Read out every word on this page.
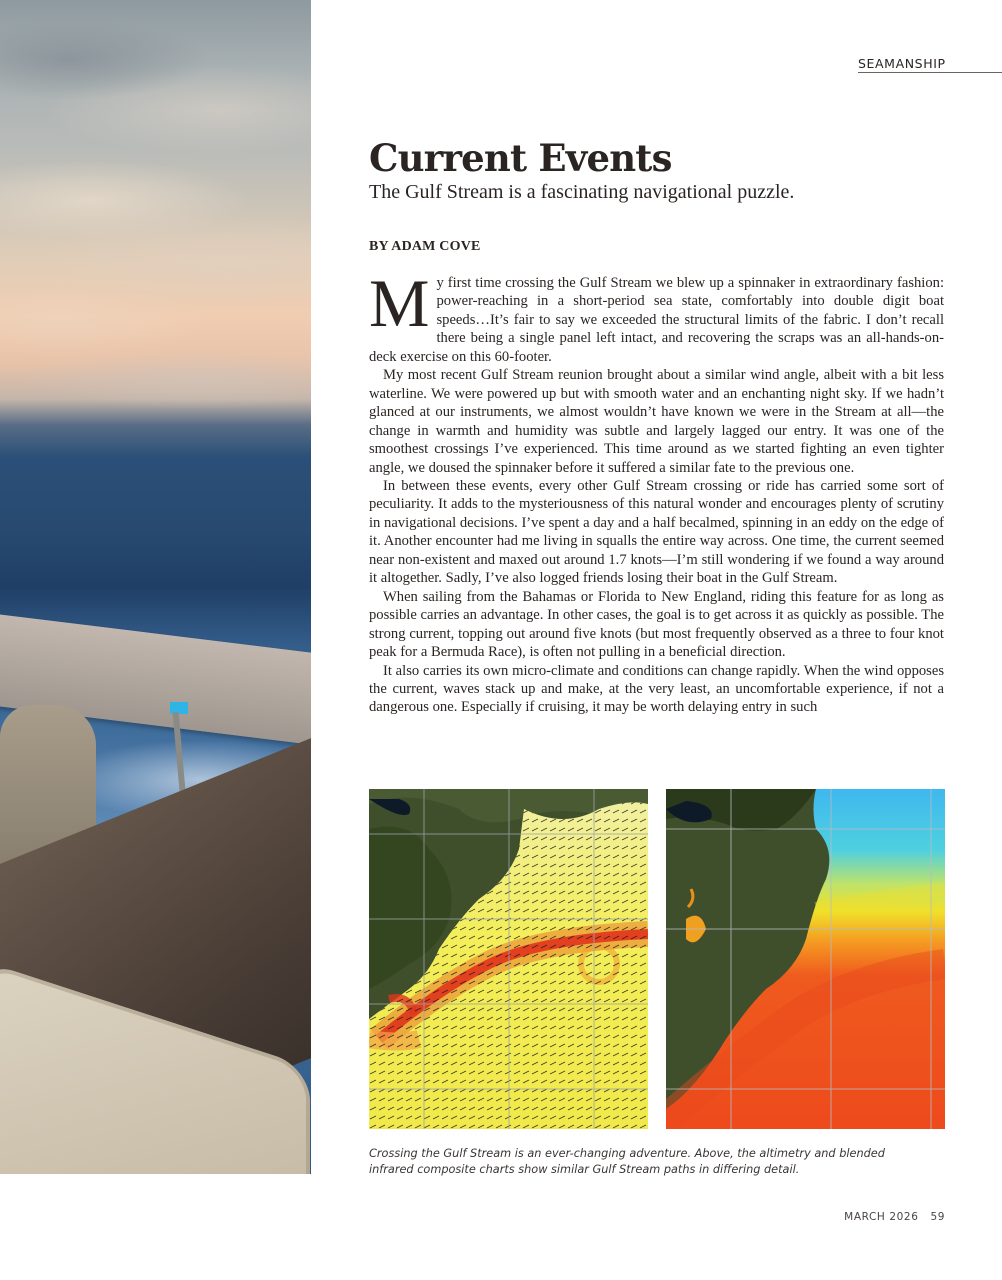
SEAMANSHIP
Current Events

The Gulf Stream is a fascinating navigational puzzle.

BY ADAM COVE

My first time crossing the Gulf Stream we blew up a spinnaker in extraordinary fashion: power-reaching in a short-period sea state, comfortably into double digit boat speeds…It’s fair to say we exceeded the structural limits of the fabric. I don’t recall there being a single panel left intact, and recovering the scraps was an all-hands-on-deck exercise on this 60-footer.

My most recent Gulf Stream reunion brought about a similar wind angle, albeit with a bit less waterline. We were powered up but with smooth water and an enchanting night sky. If we hadn’t glanced at our instruments, we almost wouldn’t have known we were in the Stream at all—the change in warmth and humidity was subtle and largely lagged our entry. It was one of the smoothest crossings I’ve experienced. This time around as we started fighting an even tighter angle, we doused the spinnaker before it suffered a similar fate to the previous one.

In between these events, every other Gulf Stream crossing or ride has carried some sort of peculiarity. It adds to the mysteriousness of this natural wonder and encourages plenty of scrutiny in navigational decisions. I’ve spent a day and a half becalmed, spinning in an eddy on the edge of it. Another encounter had me living in squalls the entire way across. One time, the current seemed near non-existent and maxed out around 1.7 knots—I’m still wondering if we found a way around it altogether. Sadly, I’ve also logged friends losing their boat in the Gulf Stream.

When sailing from the Bahamas or Florida to New England, riding this feature for as long as possible carries an advantage. In other cases, the goal is to get across it as quickly as possible. The strong current, topping out around five knots (but most frequently observed as a three to four knot peak for a Bermuda Race), is often not pulling in a beneficial direction.

It also carries its own micro-climate and conditions can change rapidly. When the wind opposes the current, waves stack up and make, at the very least, an uncomfortable experience, if not a dangerous one. Especially if cruising, it may be worth delaying entry in such

Crossing the Gulf Stream is an ever-changing adventure. Above, the altimetry and blended infrared composite charts show similar Gulf Stream paths in differing detail.

MARCH 2026 59
